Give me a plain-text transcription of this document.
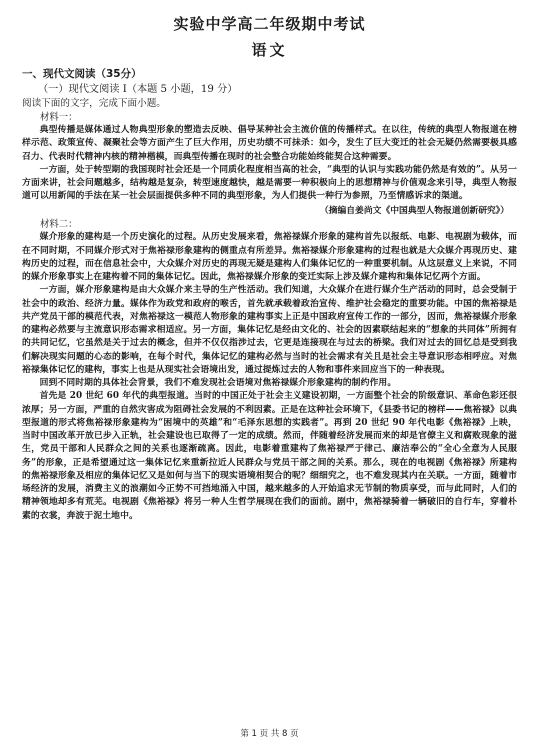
实验中学高二年级期中考试
语文
一、现代文阅读（35分）
（一）现代文阅读 I（本题 5 小题，19 分）
阅读下面的文字，完成下面小题。
材料一：

典型传播是媒体通过人物典型形象的塑造去反映、倡导某种社会主流价值的传播样式。在以往，传统的典型人物报道在榜样示范、政策宣传、凝聚社会等方面产生了巨大作用，历史功绩不可抹杀：如今，发生了巨大变迁的社会无疑仍然需要极具感召力、代表时代精神内核的精神楷模，而典型传播在现时的社会整合功能始终能契合这种需要。

一方面，处于转型期的我国现时社会还是一个同质化程度相当高的社会，“典型的认识与实践功能仍然是有效的”。从另一方面来讲，社会问题越多，结构越是复杂，转型速度越快，越是需要一种积极向上的思想精神与价值观念来引导，典型人物报道可以用新闻的手法在某一社会层面提供多种不同的典型形象，为人们提供一种行为参照，乃至情感诉求的渠道。

（摘编自姜尚文《中国典型人物报道创新研究》）
材料二：

媒介形象的建构是一个历史演化的过程。从历史发展来看，焦裕禄媒介形象的建构首先以报纸、电影、电视剧为载体，而在不同时期，不同媒介形式对于焦裕禄形象建构的侧重点有所差异。焦裕禄媒介形象建构的过程也就是大众媒介再现历史、建构历史的过程，而在信息社会中，大众媒介对历史的再现无疑是建构人们集体记忆的一种重要机制。从这层意义上来说，不同的媒介形象事实上在建构着不同的集体记忆。因此，焦裕禄媒介形象的变迁实际上涉及媒介建构和集体记忆两个方面。

一方面，媒介形象建构是由大众媒介来主导的生产性活动。我们知道，大众媒介在进行媒介生产活动的同时，总会受制于社会中的政治、经济力量。媒体作为政党和政府的喉舌，首先就承载着政治宣传、维护社会稳定的重要功能。中国的焦裕禄是共产党员干部的模范代表，对焦裕禄这一模范人物形象的建构事实上正是中国政府宣传工作的一部分，因而，焦裕禄媒介形象的建构必然要与主流意识形态需求相适应。另一方面，集体记忆是经由文化的、社会的因素联结起来的“想象的共同体”所拥有的共同记忆，它虽然是关于过去的概念，但并不仅仅指涉过去，它更是连接现在与过去的桥梁。我们对过去的回忆总是受到我们解决现实问题的心态的影响，在每个时代，集体记忆的建构必然与当时的社会需求有关且是社会主导意识形态相呼应。对焦裕禄集体记忆的建构，事实上也是从现实社会语境出发，通过提炼过去的人物和事件来回应当下的一种表现。

回到不同时期的具体社会背景，我们不难发现社会语境对焦裕禄媒介形象建构的制约作用。

首先是 20 世纪 60 年代的典型报道。当时的中国正处于社会主义建设初期，一方面整个社会的阶级意识、革命色彩还很浓厚；另一方面，严重的自然灾害成为阻碍社会发展的不利因素。正是在这种社会环境下，《县委书记的榜样——焦裕禄》以典型报道的形式将焦裕禄形象建构为“困境中的英雄”和“毛泽东思想的实践者”。再到 20 世纪 90 年代电影《焦裕禄》上映，当时中国改革开放已步入正轨，社会建设也已取得了一定的成绩。然而，伴随着经济发展而来的却是官僚主义和腐败现象的滋生，党员干部和人民群众之间的关系也逐渐疏离。因此，电影着重建构了焦裕禄严于律己、廉洁奉公的“全心全意为人民服务”的形象，正是希望通过这一集体记忆来重新拉近人民群众与党员干部之间的关系。那么，现在的电视剧《焦裕禄》所建构的焦裕禄形象及相应的集体记忆又是如何与当下的现实语境相契合的呢？细细究之，也不难发现其内在关联。一方面，随着市场经济的发展，消费主义的浪潮如今正势不可挡地涌入中国，越来越多的人开始追求无节制的物质享受，而与此同时，人们的精神领地却多有荒芜。电视剧《焦裕禄》将另一种人生哲学展现在我们的面前。剧中，焦裕禄骑着一辆破旧的自行车，穿着朴素的衣裳，奔波于泥土地中。

第 1 页 共 8 页
